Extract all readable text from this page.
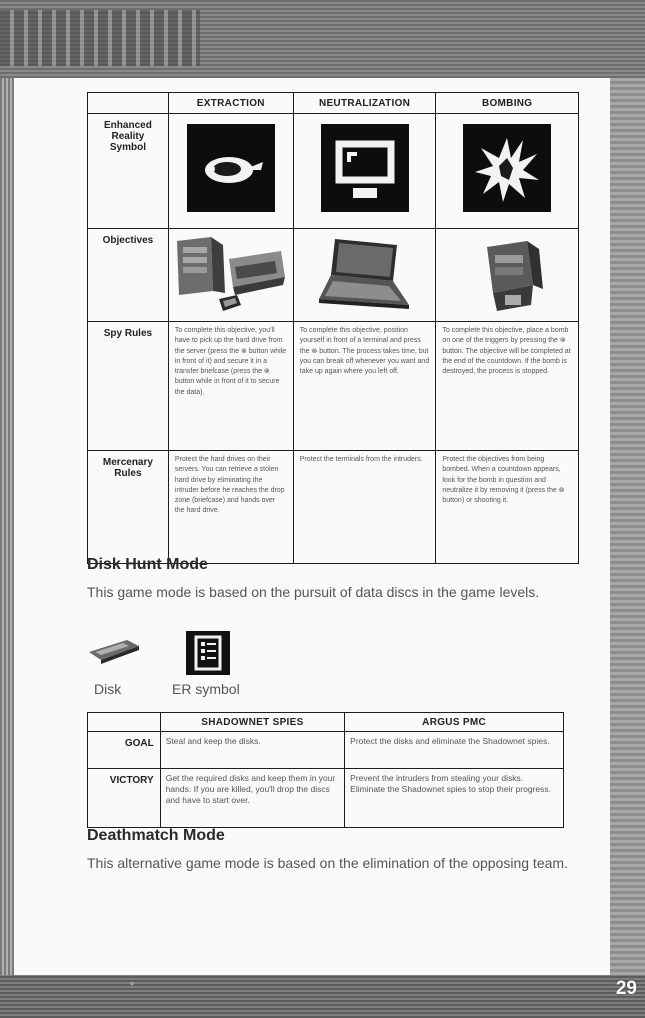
°	29
	EXTRACTION	NEUTRALIZATION	BOMBING
Enhanced Reality Symbol	

Objectives	

Spy Rules	To complete this objective, you'll have to pick up the hard drive from the server (press the ⊗ button while in front of it) and secure it in a transfer briefcase (press the ⊗ button while in front of it to secure the data).	To complete this objective, position yourself in front of a terminal and press the ⊗ button. The process takes time, but you can break off whenever you want and take up again where you left off.	To complete this objective, place a bomb on one of the triggers by pressing the ⊗ button. The objective will be completed at the end of the countdown. If the bomb is destroyed, the process is stopped.
Mercenary Rules	Protect the hard drives on their servers. You can retrieve a stolen hard drive by eliminating the intruder before he reaches the drop zone (briefcase) and hands over the hard drive.	Protect the terminals from the intruders.	Protect the objectives from being bombed. When a countdown appears, look for the bomb in question and neutralize it by removing it (press the ⊗ button) or shooting it.
Disk Hunt Mode
This game mode is based on the pursuit of data discs in the game levels.
Disk	ER symbol
	SHADOWNET SPIES	ARGUS PMC
GOAL	Steal and keep the disks.	Protect the disks and eliminate the Shadownet spies.
VICTORY	Get the required disks and keep them in your hands. If you are killed, you'll drop the discs and have to start over.	Prevent the intruders from stealing your disks. Eliminate the Shadownet spies to stop their progress.
Deathmatch Mode
This alternative game mode is based on the elimination of the opposing team.
